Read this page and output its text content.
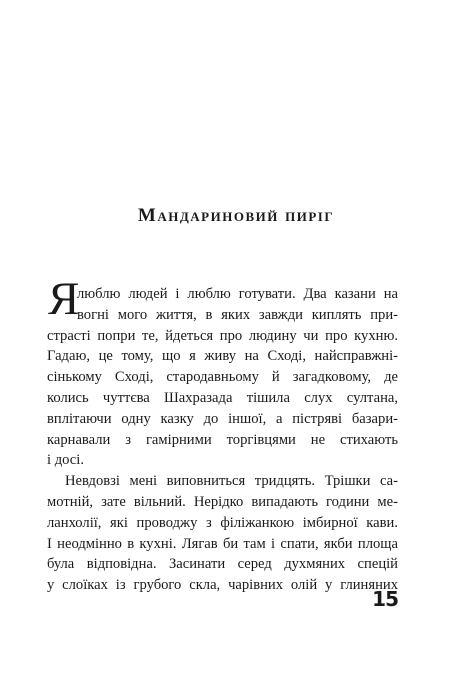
Мандариновий пиріг
Я
люблю людей і люблю готувати. Два казани на
вогні мого життя, в яких завжди киплять при-
страсті попри те, йдеться про людину чи про кухню.
Гадаю, це тому, що я живу на Сході, найсправжні-
сінькому Сході, стародавньому й загадковому, де
колись чуттєва Шахразада тішила слух султана,
вплітаючи одну казку до іншої, а пістряві базари-
карнавали з гамірними торгівцями не стихають
і досі.
Невдовзі мені виповниться тридцять. Трішки са-
мотній, зате вільний. Нерідко випадають години ме-
ланхолії, які проводжу з філіжанкою імбирної кави.
І неодмінно в кухні. Лягав би там і спати, якби площа
була відповідна. Засинати серед духмяних спецій
у слоїках із грубого скла, чарівних олій у глиняних
15
